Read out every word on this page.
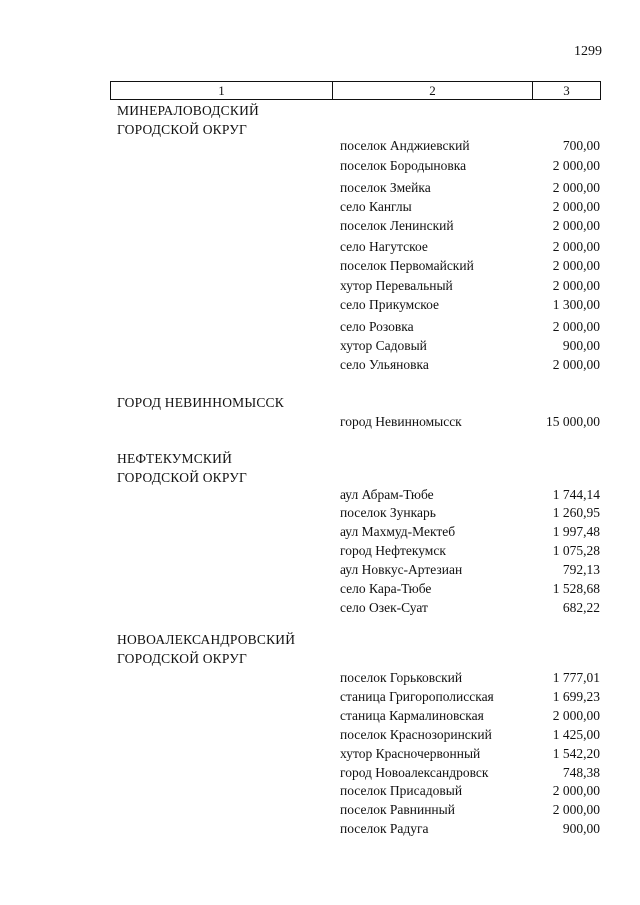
1299
1	2	3
МИНЕРАЛОВОДСКИЙ
ГОРОДСКОЙ ОКРУГ
поселок Анджиевский	700,00
поселок Бородыновка	2 000,00
поселок Змейка	2 000,00
село Канглы	2 000,00
поселок Ленинский	2 000,00
село Нагутское	2 000,00
поселок Первомайский	2 000,00
хутор Перевальный	2 000,00
село Прикумское	1 300,00
село Розовка	2 000,00
хутор Садовый	900,00
село Ульяновка	2 000,00
ГОРОД НЕВИННОМЫССК
город Невинномысск	15 000,00
НЕФТЕКУМСКИЙ
ГОРОДСКОЙ ОКРУГ
аул Абрам-Тюбе	1 744,14
поселок Зункарь	1 260,95
аул Махмуд-Мектеб	1 997,48
город Нефтекумск	1 075,28
аул Новкус-Артезиан	792,13
село Кара-Тюбе	1 528,68
село Озек-Суат	682,22
НОВОАЛЕКСАНДРОВСКИЙ
ГОРОДСКОЙ ОКРУГ
поселок Горьковский	1 777,01
станица Григорополисская	1 699,23
станица Кармалиновская	2 000,00
поселок Краснозоринский	1 425,00
хутор Красночервонный	1 542,20
город Новоалександровск	748,38
поселок Присадовый	2 000,00
поселок Равнинный	2 000,00
поселок Радуга	900,00
